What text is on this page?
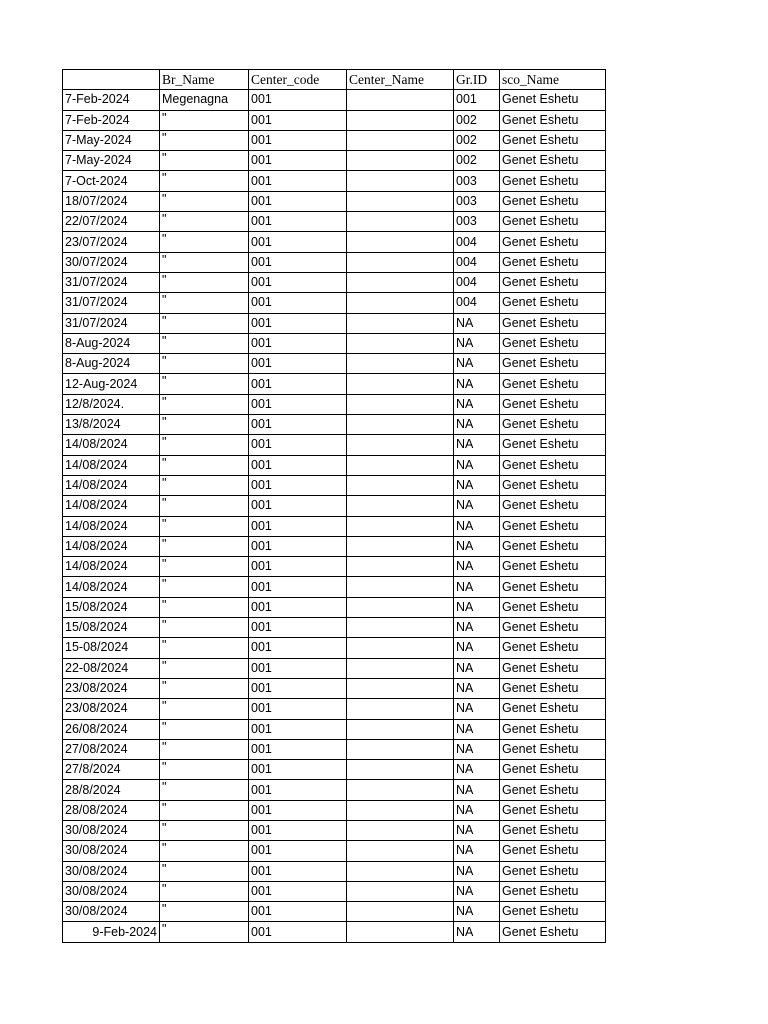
	Br_Name	Center_code	Center_Name	Gr.ID	sco_Name
7-Feb-2024	Megenagna	001		001	Genet Eshetu
7-Feb-2024	"	001		002	Genet Eshetu
7-May-2024	"	001		002	Genet Eshetu
7-May-2024	"	001		002	Genet Eshetu
7-Oct-2024	"	001		003	Genet Eshetu
18/07/2024	"	001		003	Genet Eshetu
22/07/2024	"	001		003	Genet Eshetu
23/07/2024	"	001		004	Genet Eshetu
30/07/2024	"	001		004	Genet Eshetu
31/07/2024	"	001		004	Genet Eshetu
31/07/2024	"	001		004	Genet Eshetu
31/07/2024	"	001		NA	Genet Eshetu
8-Aug-2024	"	001		NA	Genet Eshetu
8-Aug-2024	"	001		NA	Genet Eshetu
12-Aug-2024	"	001		NA	Genet Eshetu
12/8/2024.	"	001		NA	Genet Eshetu
13/8/2024	"	001		NA	Genet Eshetu
14/08/2024	"	001		NA	Genet Eshetu
14/08/2024	"	001		NA	Genet Eshetu
14/08/2024	"	001		NA	Genet Eshetu
14/08/2024	"	001		NA	Genet Eshetu
14/08/2024	"	001		NA	Genet Eshetu
14/08/2024	"	001		NA	Genet Eshetu
14/08/2024	"	001		NA	Genet Eshetu
14/08/2024	"	001		NA	Genet Eshetu
15/08/2024	"	001		NA	Genet Eshetu
15/08/2024	"	001		NA	Genet Eshetu
15-08/2024	"	001		NA	Genet Eshetu
22-08/2024	"	001		NA	Genet Eshetu
23/08/2024	"	001		NA	Genet Eshetu
23/08/2024	"	001		NA	Genet Eshetu
26/08/2024	"	001		NA	Genet Eshetu
27/08/2024	"	001		NA	Genet Eshetu
27/8/2024	"	001		NA	Genet Eshetu
28/8/2024	"	001		NA	Genet Eshetu
28/08/2024	"	001		NA	Genet Eshetu
30/08/2024	"	001		NA	Genet Eshetu
30/08/2024	"	001		NA	Genet Eshetu
30/08/2024	"	001		NA	Genet Eshetu
30/08/2024	"	001		NA	Genet Eshetu
30/08/2024	"	001		NA	Genet Eshetu
9-Feb-2024	"	001		NA	Genet Eshetu
